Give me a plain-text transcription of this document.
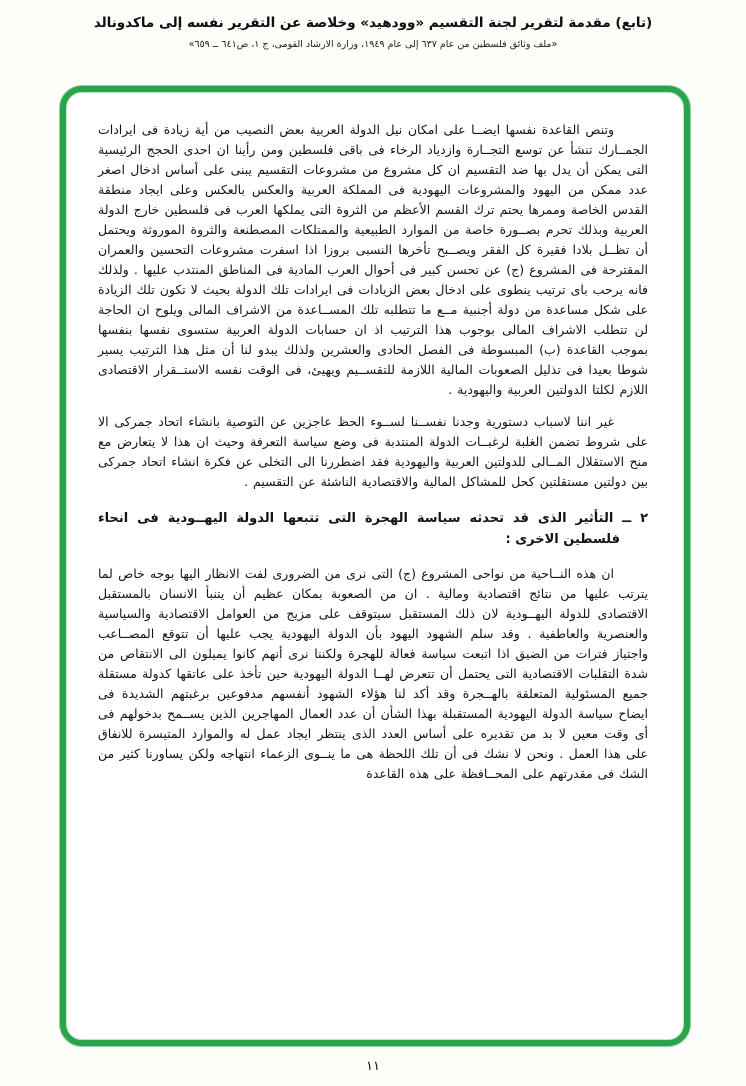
(تابع) مقدمة لتقرير لجنة التقسيم «وودهيد» وخلاصة عن التقرير نفسه إلى ماكدونالد
«ملف وثائق فلسطين من عام ٦٣٧ إلى عام ١٩٤٩، وزارة الارشاد القومى، ج ١، ص٦٤١ ــ ٦٥٩»

وتنص القاعدة نفسها ايضــا على امكان نيل الدولة العربية بعض النصيب من أية زيادة فى ايرادات الجمــارك تنشأ عن توسع التجــارة وازدياد الرخاء فى باقى فلسطين ومن رأينا ان احدى الحجج الرئيسية التى يمكن أن يدل بها ضد التقسيم ان كل مشروع من مشروعات التقسيم يبنى على أساس ادخال اصغر عدد ممكن من اليهود والمشروعات اليهودية فى المملكة العربية والعكس بالعكس وعلى ايجاد منطقة القدس الخاصة وممرها يحتم ترك القسم الأعظم من الثروة التى يملكها العرب فى فلسطين خارج الدولة العربية وبذلك تحرم بصــورة خاصة من الموارد الطبيعية والممتلكات المصطنعة والثروة الموروثة ويحتمل أن تظــل بلادا فقيرة كل الفقر ويصــبح تأخرها النسبى بروزا اذا اسفرت مشروعات التحسين والعمران المقترحة فى المشروع (ج) عن تحسن كبير فى أحوال العرب المادية فى المناطق المنتدب عليها . ولذلك فانه يرحب باى ترتيب ينطوى على ادخال بعض الزيادات فى ايرادات تلك الدولة بحيث لا تكون تلك الزيادة على شكل مساعدة من دولة أجنبية مــع ما تتطلبه تلك المســاعدة من الاشراف المالى ويلوح ان الحاجة لن تتطلب الاشراف المالى بوجوب هذا الترتيب اذ ان حسابات الدولة العربية ستسوى نفسها بنفسها بموجب القاعدة (ب) المبسوطة فى الفصل الحادى والعشرين ولذلك يبدو لنا أن مثل هذا الترتيب يسير شوطا بعيدا فى تذليل الصعوبات المالية اللازمة للتقســيم ويهيئ، فى الوقت نفسه الاستــقرار الاقتصادى اللازم لكلتا الدولتين العربية واليهودية .

غير اننا لاسباب دستورية وجدنا نفســنا لســوء الحظ عاجزين عن التوصية بانشاء اتحاد جمركى الا على شروط تضمن الغلبة لرغبــات الدولة المنتدبة فى وضع سياسة التعرفة وحيث ان هذا لا يتعارض مع منح الاستقلال المــالى للدولتين العربية واليهودية فقد اضطررنا الى التخلى عن فكرة انشاء اتحاد جمركى بين دولتين مستقلتين كحل للمشاكل المالية والاقتصادية الناشئة عن التقسيم .

٢ ــ التأثير الذى قد تحدثه سياسة الهجرة التى تتبعها الدولة اليهــودية فى انحاء فلسطين الاخرى :

ان هذه النــاحية من نواحى المشروع (ج) التى نرى من الضرورى لفت الانظار اليها بوجه خاص لما يترتب عليها من نتائج اقتصادية ومالية . ان من الصعوبة بمكان عظيم أن يتنبأ الانسان بالمستقبل الاقتصادى للدولة اليهــودية لان ذلك المستقبل سيتوقف على مزيج من العوامل الاقتصادية والسياسية والعنصرية والعاطفية . وقد سلم الشهود اليهود بأن الدولة اليهودية يجب عليها أن تتوقع المصــاعب واجتياز فترات من الضيق اذا اتبعت سياسة فعالة للهجرة ولكننا نرى أنهم كانوا يميلون الى الانتقاص من شدة التقلبات الاقتصادية التى يحتمل أن تتعرض لهــا الدولة اليهودية حين تأخذ على عاتقها كدولة مستقلة جميع المسئولية المتعلقة بالهــجرة وقد أكد لنا هؤلاء الشهود أنفسهم مدفوعين برغبتهم الشديدة فى ايضاح سياسة الدولة اليهودية المستقبلة بهذا الشأن أن عدد العمال المهاجرين الذين يســمح بدخولهم فى أى وقت معين لا بد من تقديره على أساس العدد الذى ينتظر ايجاد عمل له والموارد المتيسرة للانفاق على هذا العمل . ونحن لا نشك فى أن تلك اللحظة هى ما ينــوى الزعماء انتهاجه ولكن يساورنا كثير من الشك فى مقدرتهم على المحــافظة على هذه القاعدة

١١
